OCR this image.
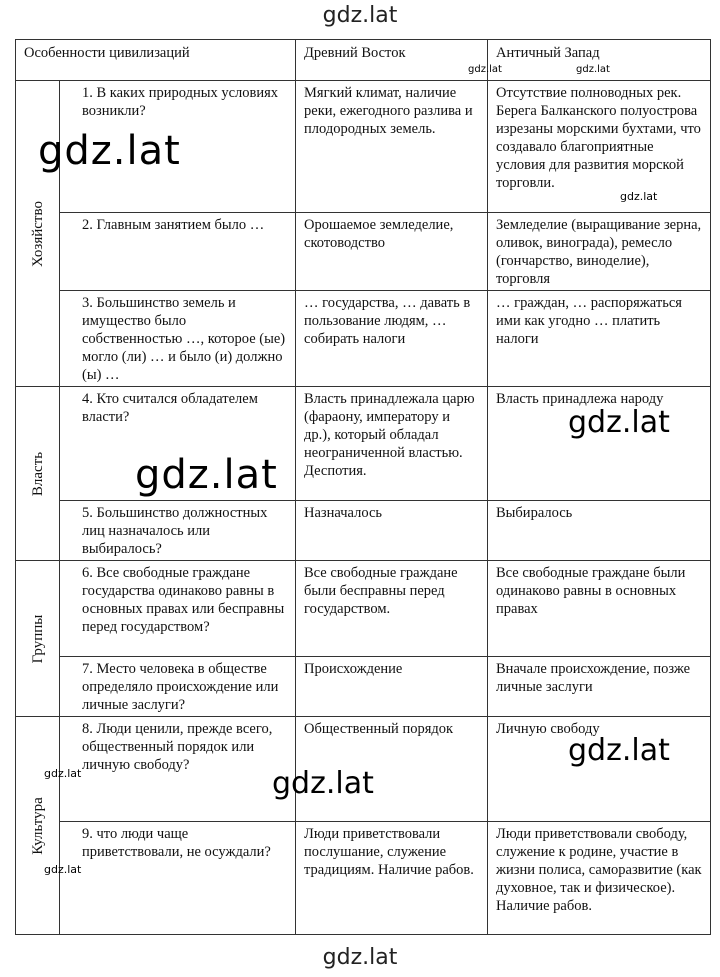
gdz.lat
Особенности цивилизаций		Древний Восток	Античный Запад

Хозяйство	1. В каких природных условиях возникли?	Мягкий климат, наличие реки, ежегодного разлива и плодородных земель.	Отсутствие полноводных рек. Берега Балканского полуострова изрезаны морскими бухтами, что создавало благоприятные условия для развития морской торговли.
	2. Главным занятием было …	Орошаемое земледелие, скотоводство	Земледелие (выращивание зерна, оливок, винограда), ремесло (гончарство, виноделие), торговля
	3. Большинство земель и имущество было собственностью …, которое (ые) могло (ли) … и было (и) должно (ы) …	… государства, … давать в пользование людям, … собирать налоги	… граждан, … распоряжаться ими как угодно … платить налоги

Власть	4. Кто считался обладателем власти?	Власть принадлежала царю (фараону, императору и др.), который обладал неограниченной властью. Деспотия.	Власть принадлежа народу
	5. Большинство должностных лиц назначалось или выбиралось?	Назначалось	Выбиралось

Группы	6. Все свободные граждане государства одинаково равны в основных правах или бесправны перед государством?	Все свободные граждане были бесправны перед государством.	Все свободные граждане были одинаково равны в основных правах
	7. Место человека в обществе определяло происхождение или личные заслуги?	Происхождение	Вначале происхождение, позже личные заслуги

Культура	8. Люди ценили, прежде всего, общественный порядок или личную свободу?	Общественный порядок	Личную свободу
	9. что люди чаще приветствовали, не осуждали?	Люди приветствовали послушание, служение традициям. Наличие рабов.	Люди приветствовали свободу, служение к родине, участие в жизни полиса, саморазвитие (как духовное, так и физическое). Наличие рабов.
gdz.lat
gdz.lat
gdz.lat
gdz.lat
gdz.lat
gdz.lat	gdz.lat
gdz.lat
gdz.lat
gdz.lat
gdz.lat
